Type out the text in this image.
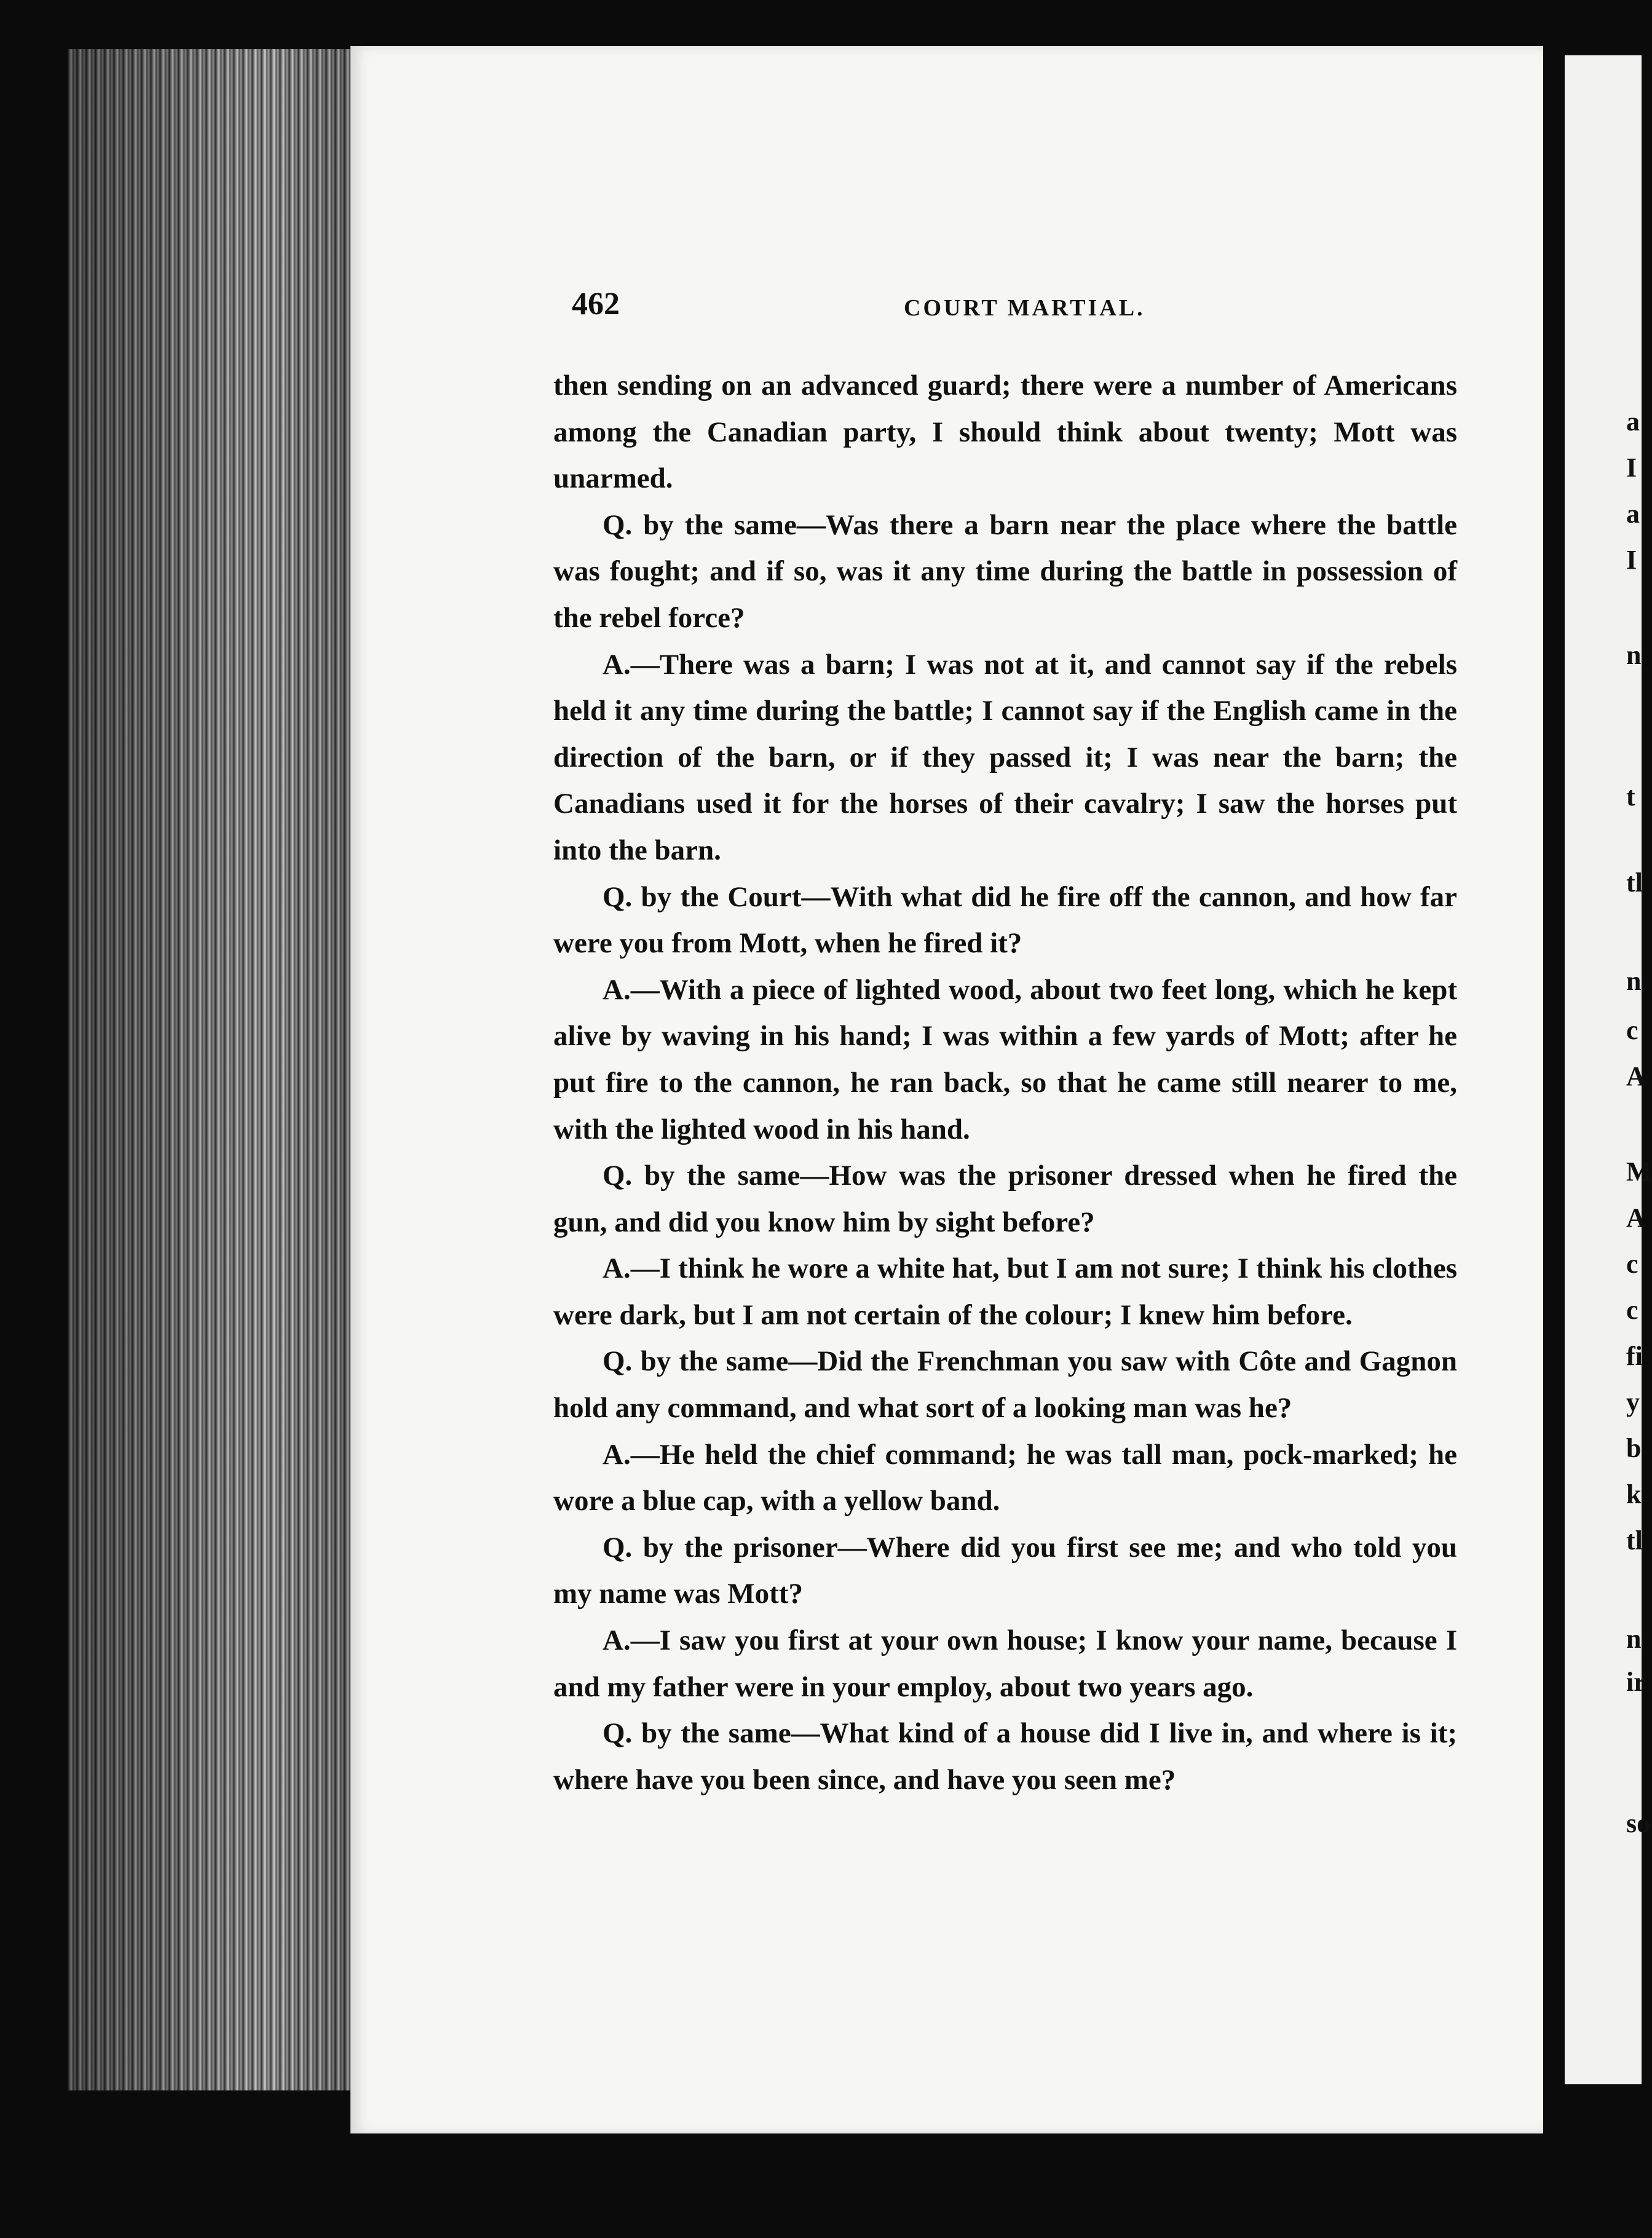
a
I
a
I
n
t
tl
n
c
A
M
A
c
c
fi
y
b
k
tl
n
ir
so
462	COURT MARTIAL.

then sending on an advanced guard; there were a number of Americans among the Canadian party, I should think about twenty; Mott was unarmed.

Q. by the same—Was there a barn near the place where the battle was fought; and if so, was it any time during the battle in possession of the rebel force?

A.—There was a barn; I was not at it, and cannot say if the rebels held it any time during the battle; I cannot say if the English came in the direction of the barn, or if they passed it; I was near the barn; the Canadians used it for the horses of their cavalry; I saw the horses put into the barn.

Q. by the Court—With what did he fire off the cannon, and how far were you from Mott, when he fired it?

A.—With a piece of lighted wood, about two feet long, which he kept alive by waving in his hand; I was within a few yards of Mott; after he put fire to the cannon, he ran back, so that he came still nearer to me, with the lighted wood in his hand.

Q. by the same—How was the prisoner dressed when he fired the gun, and did you know him by sight before?

A.—I think he wore a white hat, but I am not sure; I think his clothes were dark, but I am not certain of the colour; I knew him before.

Q. by the same—Did the Frenchman you saw with Côte and Gagnon hold any command, and what sort of a looking man was he?

A.—He held the chief command; he was tall man, pock-marked; he wore a blue cap, with a yellow band.

Q. by the prisoner—Where did you first see me; and who told you my name was Mott?

A.—I saw you first at your own house; I know your name, because I and my father were in your employ, about two years ago.

Q. by the same—What kind of a house did I live in, and where is it; where have you been since, and have you seen me?
